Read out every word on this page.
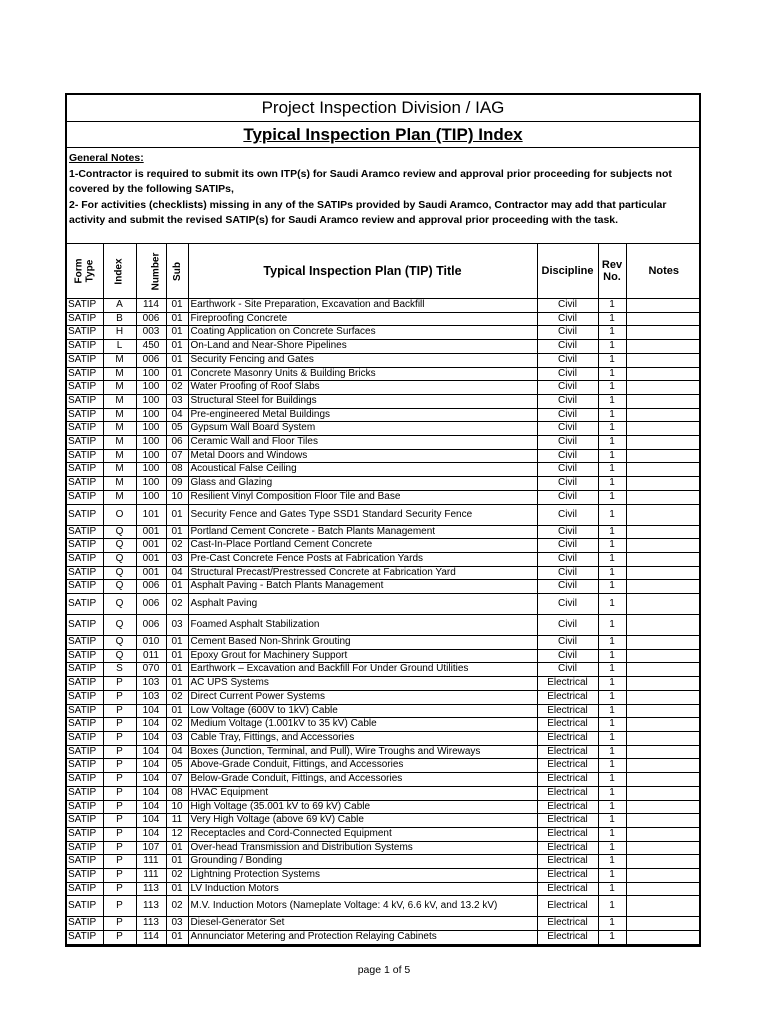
Project Inspection Division / IAG
Typical Inspection Plan (TIP) Index
General Notes:
1-Contractor is required to submit its own ITP(s) for Saudi Aramco review and approval prior proceeding for subjects not covered by the following SATIPs,
2- For activities (checklists) missing in any of the SATIPs provided by Saudi Aramco, Contractor may add that particular activity and submit the revised SATIP(s) for Saudi Aramco review and approval prior proceeding with the task.
Form
Type	Index	Number	Sub	Typical Inspection Plan (TIP) Title	Discipline	Rev No.	Notes
SATIP	A	114	01	Earthwork - Site Preparation, Excavation and Backfill	Civil	1	
SATIP	B	006	01	Fireproofing Concrete	Civil	1	
SATIP	H	003	01	Coating Application on Concrete Surfaces	Civil	1	
SATIP	L	450	01	On-Land and Near-Shore Pipelines	Civil	1	
SATIP	M	006	01	Security Fencing and Gates	Civil	1	
SATIP	M	100	01	Concrete Masonry Units & Building Bricks	Civil	1	
SATIP	M	100	02	Water Proofing of Roof Slabs	Civil	1	
SATIP	M	100	03	Structural Steel for Buildings	Civil	1	
SATIP	M	100	04	Pre-engineered Metal Buildings	Civil	1	
SATIP	M	100	05	Gypsum Wall Board System	Civil	1	
SATIP	M	100	06	Ceramic Wall and Floor Tiles	Civil	1	
SATIP	M	100	07	Metal Doors and Windows	Civil	1	
SATIP	M	100	08	Acoustical False Ceiling	Civil	1	
SATIP	M	100	09	Glass and Glazing	Civil	1	
SATIP	M	100	10	Resilient Vinyl Composition Floor Tile and Base	Civil	1	
SATIP	O	101	01	Security Fence and Gates Type SSD1 Standard Security Fence	Civil	1	
SATIP	Q	001	01	Portland Cement Concrete - Batch Plants Management	Civil	1	
SATIP	Q	001	02	Cast-In-Place Portland Cement Concrete	Civil	1	
SATIP	Q	001	03	Pre-Cast Concrete Fence Posts at Fabrication Yards	Civil	1	
SATIP	Q	001	04	Structural Precast/Prestressed Concrete at Fabrication Yard	Civil	1	
SATIP	Q	006	01	Asphalt Paving - Batch Plants Management	Civil	1	
SATIP	Q	006	02	Asphalt Paving	Civil	1	
SATIP	Q	006	03	Foamed Asphalt Stabilization	Civil	1	
SATIP	Q	010	01	Cement Based Non-Shrink Grouting	Civil	1	
SATIP	Q	011	01	Epoxy Grout for Machinery Support	Civil	1	
SATIP	S	070	01	Earthwork – Excavation and Backfill For Under Ground Utilities	Civil	1	
SATIP	P	103	01	AC UPS Systems	Electrical	1	
SATIP	P	103	02	Direct Current Power Systems	Electrical	1	
SATIP	P	104	01	Low Voltage (600V to 1kV) Cable	Electrical	1	
SATIP	P	104	02	Medium Voltage (1.001kV to 35 kV) Cable	Electrical	1	
SATIP	P	104	03	Cable Tray, Fittings, and Accessories	Electrical	1	
SATIP	P	104	04	Boxes (Junction, Terminal, and Pull), Wire Troughs and Wireways	Electrical	1	
SATIP	P	104	05	Above-Grade Conduit, Fittings, and Accessories	Electrical	1	
SATIP	P	104	07	Below-Grade Conduit, Fittings, and Accessories	Electrical	1	
SATIP	P	104	08	HVAC Equipment	Electrical	1	
SATIP	P	104	10	High Voltage (35.001 kV to 69 kV) Cable	Electrical	1	
SATIP	P	104	11	Very High Voltage (above 69 kV) Cable	Electrical	1	
SATIP	P	104	12	Receptacles and Cord-Connected Equipment	Electrical	1	
SATIP	P	107	01	Over-head Transmission and Distribution Systems	Electrical	1	
SATIP	P	111	01	Grounding / Bonding	Electrical	1	
SATIP	P	111	02	Lightning Protection Systems	Electrical	1	
SATIP	P	113	01	LV Induction Motors	Electrical	1	
SATIP	P	113	02	M.V. Induction Motors (Nameplate Voltage: 4 kV, 6.6 kV, and 13.2 kV)	Electrical	1	
SATIP	P	113	03	Diesel-Generator Set	Electrical	1	
SATIP	P	114	01	Annunciator Metering and Protection Relaying Cabinets	Electrical	1	
page 1 of 5
